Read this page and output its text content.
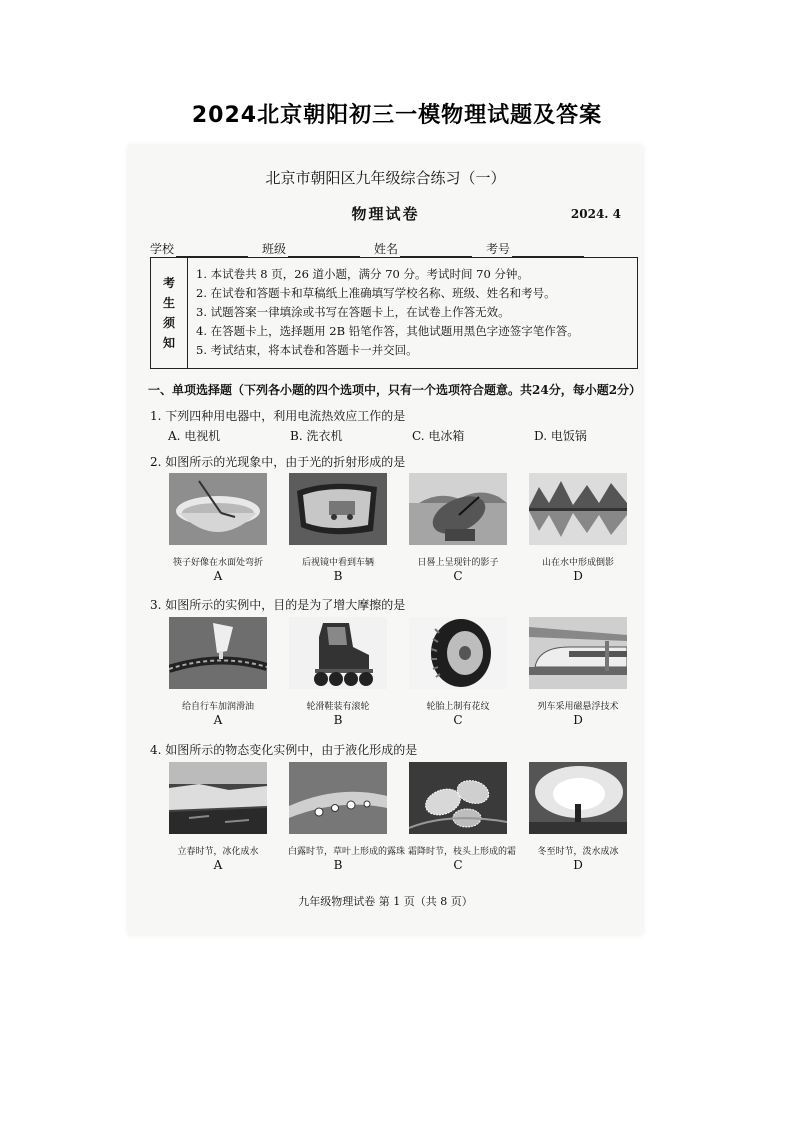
2024北京朝阳初三一模物理试题及答案
北京市朝阳区九年级综合练习（一）
物理试卷	2024. 4
学校	班级	姓名	考号
考
生
须
知
1. 本试卷共 8 页，26 道小题，满分 70 分。考试时间 70 分钟。
2. 在试卷和答题卡和草稿纸上准确填写学校名称、班级、姓名和考号。
3. 试题答案一律填涂或书写在答题卡上，在试卷上作答无效。
4. 在答题卡上，选择题用 2B 铅笔作答，其他试题用黑色字迹签字笔作答。
5. 考试结束，将本试卷和答题卡一并交回。
一、单项选择题（下列各小题的四个选项中，只有一个选项符合题意。共24分，每小题2分）
1. 下列四种用电器中，利用电流热效应工作的是
A. 电视机	B. 洗衣机	C. 电冰箱	D. 电饭锅
2. 如图所示的光现象中，由于光的折射形成的是
筷子好像在水面处弯折
A
后视镜中看到车辆
B
日晷上呈现针的影子
C
山在水中形成倒影
D
3. 如图所示的实例中，目的是为了增大摩擦的是
给自行车加润滑油
A
轮滑鞋装有滚轮
B
轮胎上制有花纹
C
列车采用磁悬浮技术
D
4. 如图所示的物态变化实例中，由于液化形成的是
立春时节，冰化成水
A
白露时节，草叶上形成的露珠
B
霜降时节，枝头上形成的霜
C
冬至时节，泼水成冰
D
九年级物理试卷 第 1 页（共 8 页）
